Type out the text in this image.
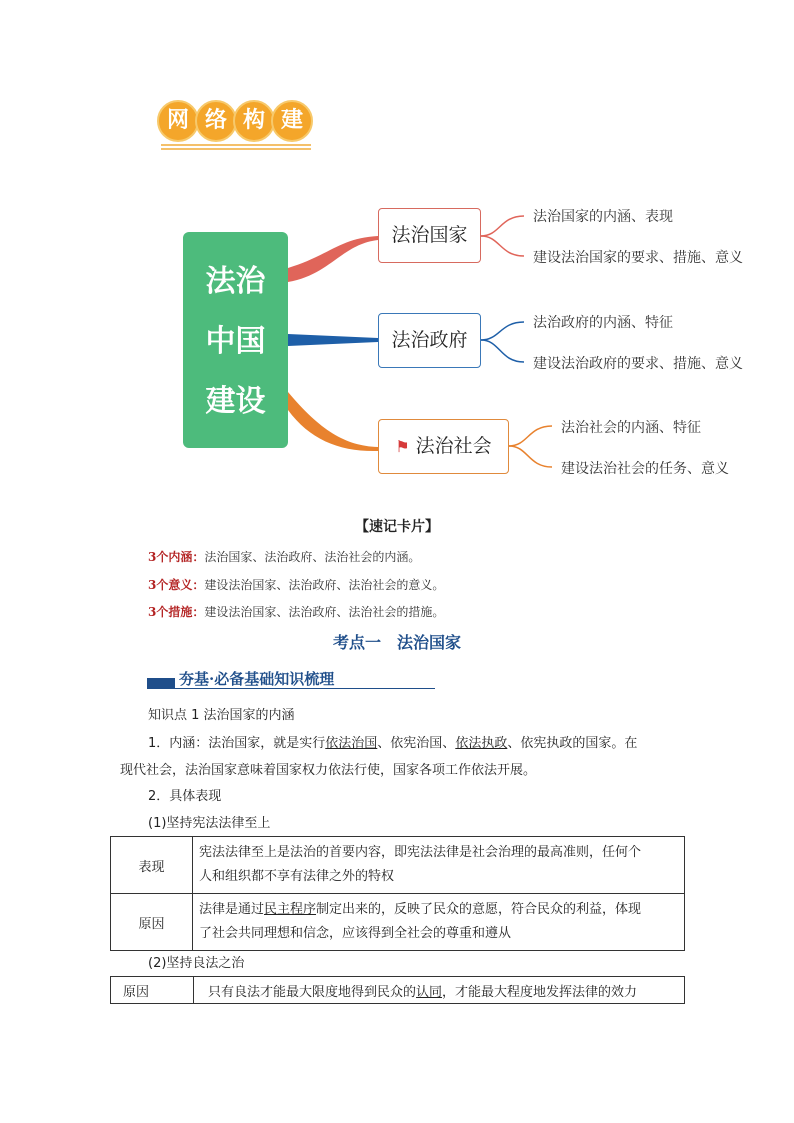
网 络 构 建
法治
中国
建设
法治国家
法治政府
⚑ 法治社会
法治国家的内涵、表现
建设法治国家的要求、措施、意义
法治政府的内涵、特征
建设法治政府的要求、措施、意义
法治社会的内涵、特征
建设法治社会的任务、意义
【速记卡片】
3个内涵：法治国家、法治政府、法治社会的内涵。
3个意义：建设法治国家、法治政府、法治社会的意义。
3个措施：建设法治国家、法治政府、法治社会的措施。
考点一　法治国家
夯基·必备基础知识梳理
知识点 1 法治国家的内涵
1．内涵：法治国家，就是实行依法治国、依宪治国、依法执政、依宪执政的国家。在
现代社会，法治国家意味着国家权力依法行使，国家各项工作依法开展。
2．具体表现
(1)坚持宪法法律至上
表现	宪法法律至上是法治的首要内容，即宪法法律是社会治理的最高准则，任何个
人和组织都不享有法律之外的特权
原因	法律是通过民主程序制定出来的，反映了民众的意愿，符合民众的利益，体现
了社会共同理想和信念，应该得到全社会的尊重和遵从
(2)坚持良法之治
原因	只有良法才能最大限度地得到民众的认同，才能最大程度地发挥法律的效力
